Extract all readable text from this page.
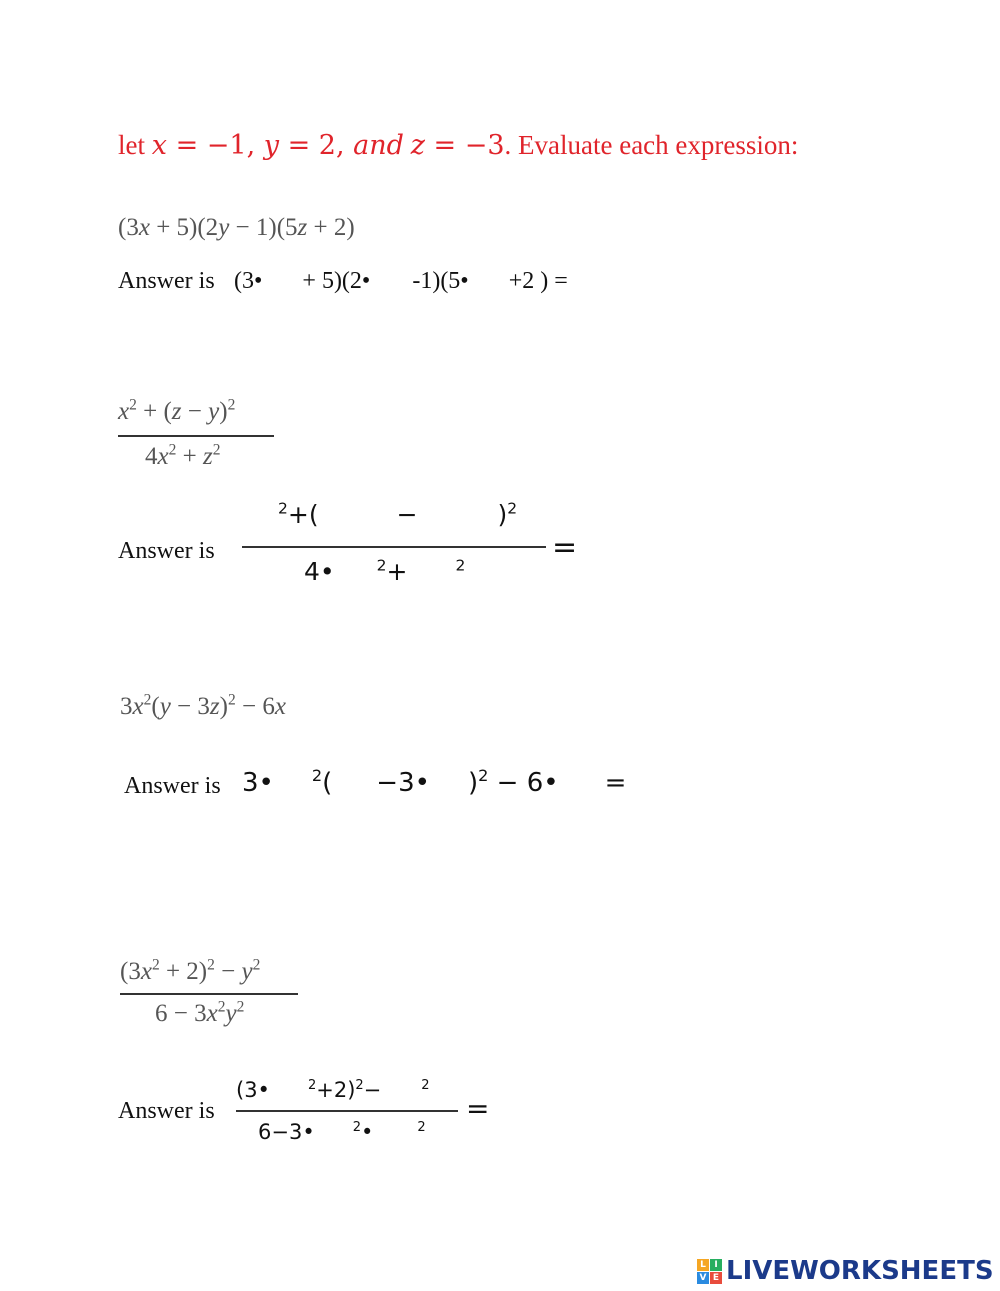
let x = −1, y = 2, and z = −3. Evaluate each expression:
(3x + 5)(2y − 1)(5z + 2)
Answer is (3• + 5)(2• -1)(5• +2 ) =
$x^2 + (z - y)^2$
$4x^2 + z^2$
Answer is
$^2$+(	−	)$^2$
4•	$^2$+	$^2$
=
$3x^2(y - 3z)^2 - 6x$
Answer is 3• $^2$( −3• )$^2$ − 6• =
$(3x^2 + 2)^2 - y^2$
$6 - 3x^2y^2$
Answer is
(3•	$^2$+2)$^2$−	$^2$
6−3•	$^2$•	$^2$
=
L I
V E LIVEWORKSHEETS
